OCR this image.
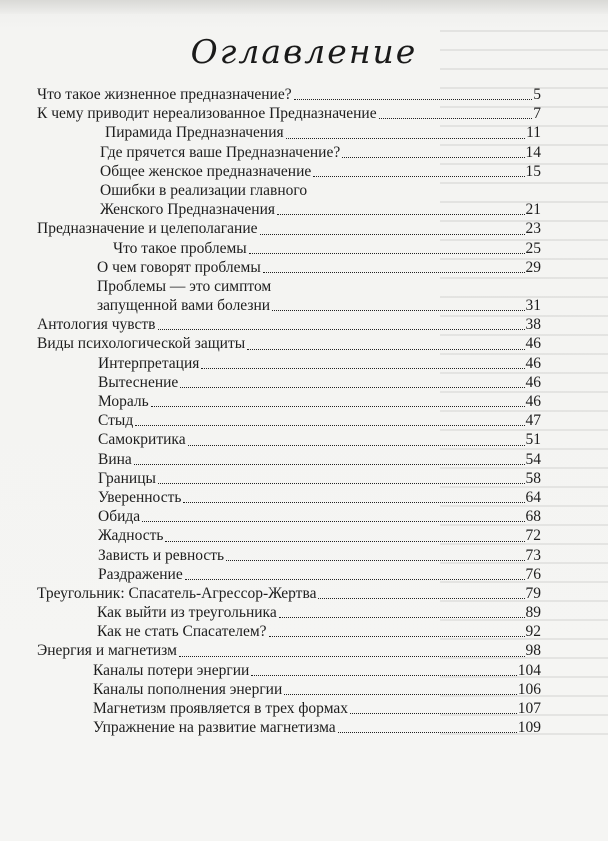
Оглавление
Что такое жизненное предназначение?	5
К чему приводит нереализованное Предназначение	7
Пирамида Предназначения	11
Где прячется ваше Предназначение?	14
Общее женское предназначение	15
Ошибки в реализации главного
Женского Предназначения	21
Предназначение и целеполагание	23
Что такое проблемы	25
О чем говорят проблемы	29
Проблемы — это симптом
запущенной вами болезни	31
Антология чувств	38
Виды психологической защиты	46
Интерпретация	46
Вытеснение	46
Мораль	46
Стыд	47
Самокритика	51
Вина	54
Границы	58
Уверенность	64
Обида	68
Жадность	72
Зависть и ревность	73
Раздражение	76
Треугольник: Спасатель-Агрессор-Жертва	79
Как выйти из треугольника	89
Как не стать Спасателем?	92
Энергия и магнетизм	98
Каналы потери энергии	104
Каналы пополнения энергии	106
Магнетизм проявляется в трех формах	107
Упражнение на развитие магнетизма	109
